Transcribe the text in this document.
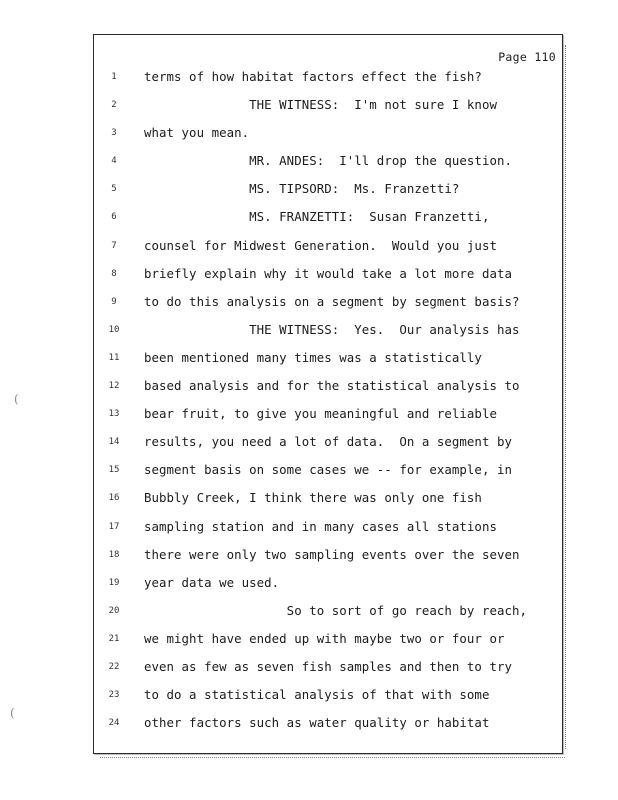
(
(
Page 110
1	terms of how habitat factors effect the fish?
2	THE WITNESS:  I'm not sure I know
3	what you mean.
4	MR. ANDES:  I'll drop the question.
5	MS. TIPSORD:  Ms. Franzetti?
6	MS. FRANZETTI:  Susan Franzetti,
7	counsel for Midwest Generation.  Would you just
8	briefly explain why it would take a lot more data
9	to do this analysis on a segment by segment basis?
10 THE WITNESS:  Yes.  Our analysis has
11 been mentioned many times was a statistically
12 based analysis and for the statistical analysis to
13 bear fruit, to give you meaningful and reliable
14 results, you need a lot of data.  On a segment by
15 segment basis on some cases we -- for example, in
16 Bubbly Creek, I think there was only one fish
17 sampling station and in many cases all stations
18 there were only two sampling events over the seven
19 year data we used.
20 So to sort of go reach by reach,
21 we might have ended up with maybe two or four or
22 even as few as seven fish samples and then to try
23 to do a statistical analysis of that with some
24 other factors such as water quality or habitat
